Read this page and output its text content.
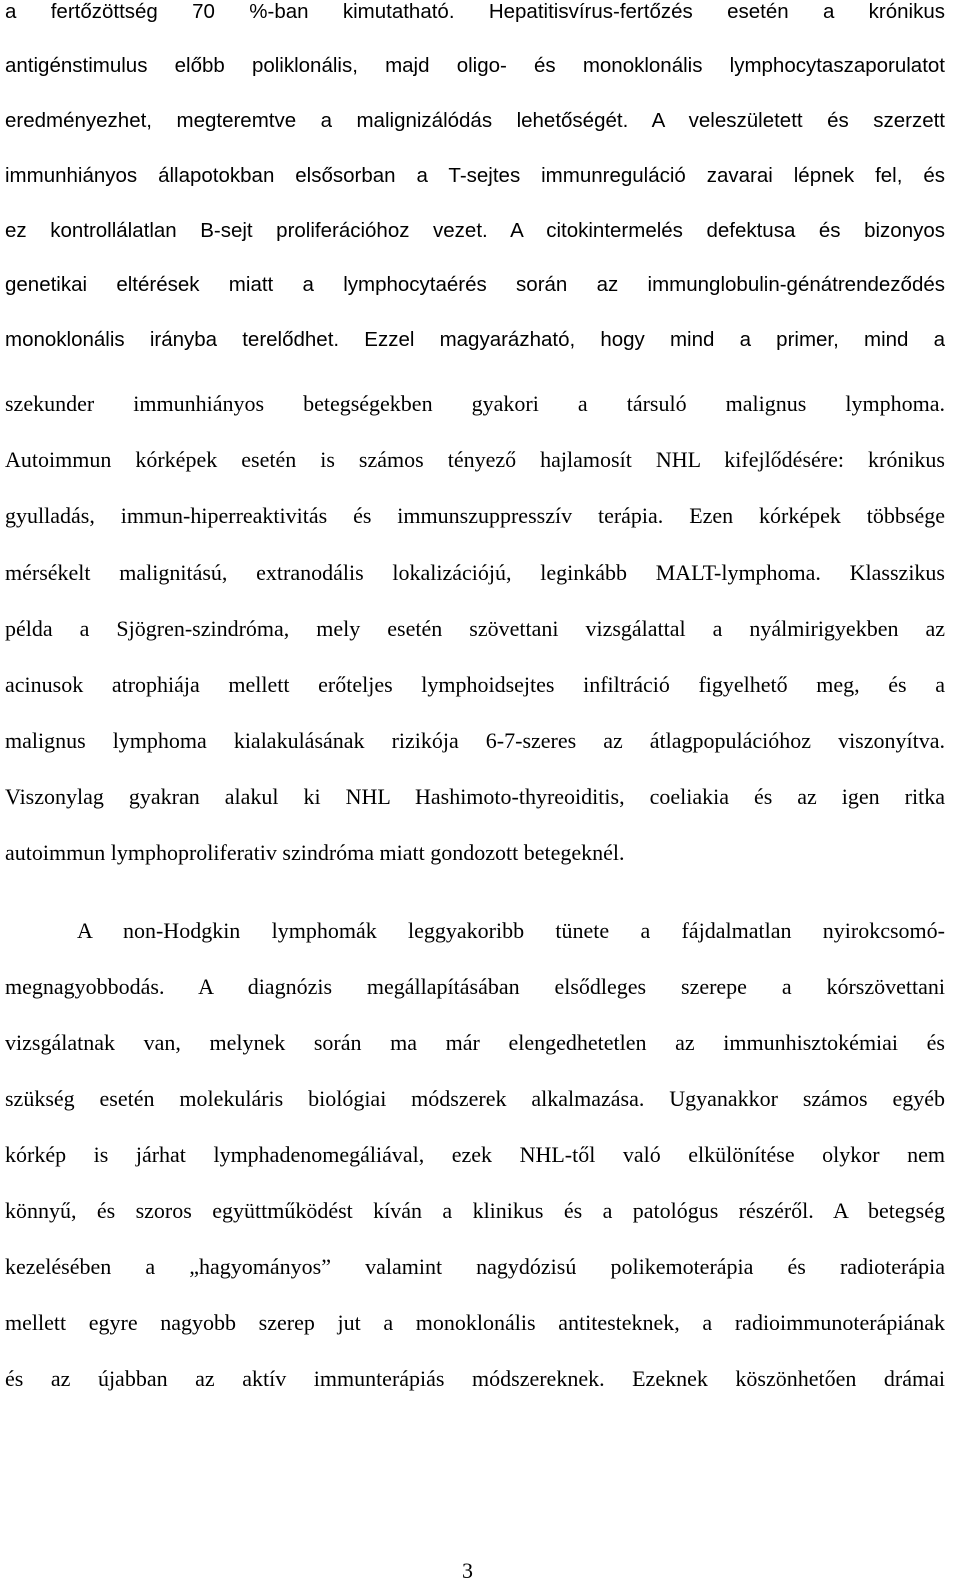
a fertőzöttség 70 %-ban kimutatható. Hepatitisvírus-fertőzés esetén a krónikus
antigénstimulus előbb poliklonális, majd oligo- és monoklonális lymphocytaszaporulatot
eredményezhet, megteremtve a malignizálódás lehetőségét. A veleszületett és szerzett
immunhiányos állapotokban elsősorban a T-sejtes immunreguláció zavarai lépnek fel, és
ez kontrollálatlan B-sejt proliferációhoz vezet. A citokintermelés defektusa és bizonyos
genetikai eltérések miatt a lymphocytaérés során az immunglobulin-génátrendeződés
monoklonális irányba terelődhet. Ezzel magyarázható, hogy mind a primer, mind a
szekunder immunhiányos betegségekben gyakori a társuló malignus lymphoma.
Autoimmun kórképek esetén is számos tényező hajlamosít NHL kifejlődésére: krónikus
gyulladás, immun-hiperreaktivitás és immunszuppresszív terápia. Ezen kórképek többsége
mérsékelt malignitású, extranodális lokalizációjú, leginkább MALT-lymphoma. Klasszikus
példa a Sjögren-szindróma, mely esetén szövettani vizsgálattal a nyálmirigyekben az
acinusok atrophiája mellett erőteljes lymphoidsejtes infiltráció figyelhető meg, és a
malignus lymphoma kialakulásának rizikója 6-7-szeres az átlagpopulációhoz viszonyítva.
Viszonylag gyakran alakul ki NHL Hashimoto-thyreoiditis, coeliakia és az igen ritka
autoimmun lymphoproliferativ szindróma miatt gondozott betegeknél.
A non-Hodgkin lymphomák leggyakoribb tünete a fájdalmatlan nyirokcsomó-
megnagyobbodás. A diagnózis megállapításában elsődleges szerepe a kórszövettani
vizsgálatnak van, melynek során ma már elengedhetetlen az immunhisztokémiai és
szükség esetén molekuláris biológiai módszerek alkalmazása. Ugyanakkor számos egyéb
kórkép is járhat lymphadenomegáliával, ezek NHL-től való elkülönítése olykor nem
könnyű, és szoros együttműködést kíván a klinikus és a patológus részéről. A betegség
kezelésében a „hagyományos” valamint nagydózisú polikemoterápia és radioterápia
mellett egyre nagyobb szerep jut a monoklonális antitesteknek, a radioimmunoterápiának
és az újabban az aktív immunterápiás módszereknek. Ezeknek köszönhetően drámai
3
